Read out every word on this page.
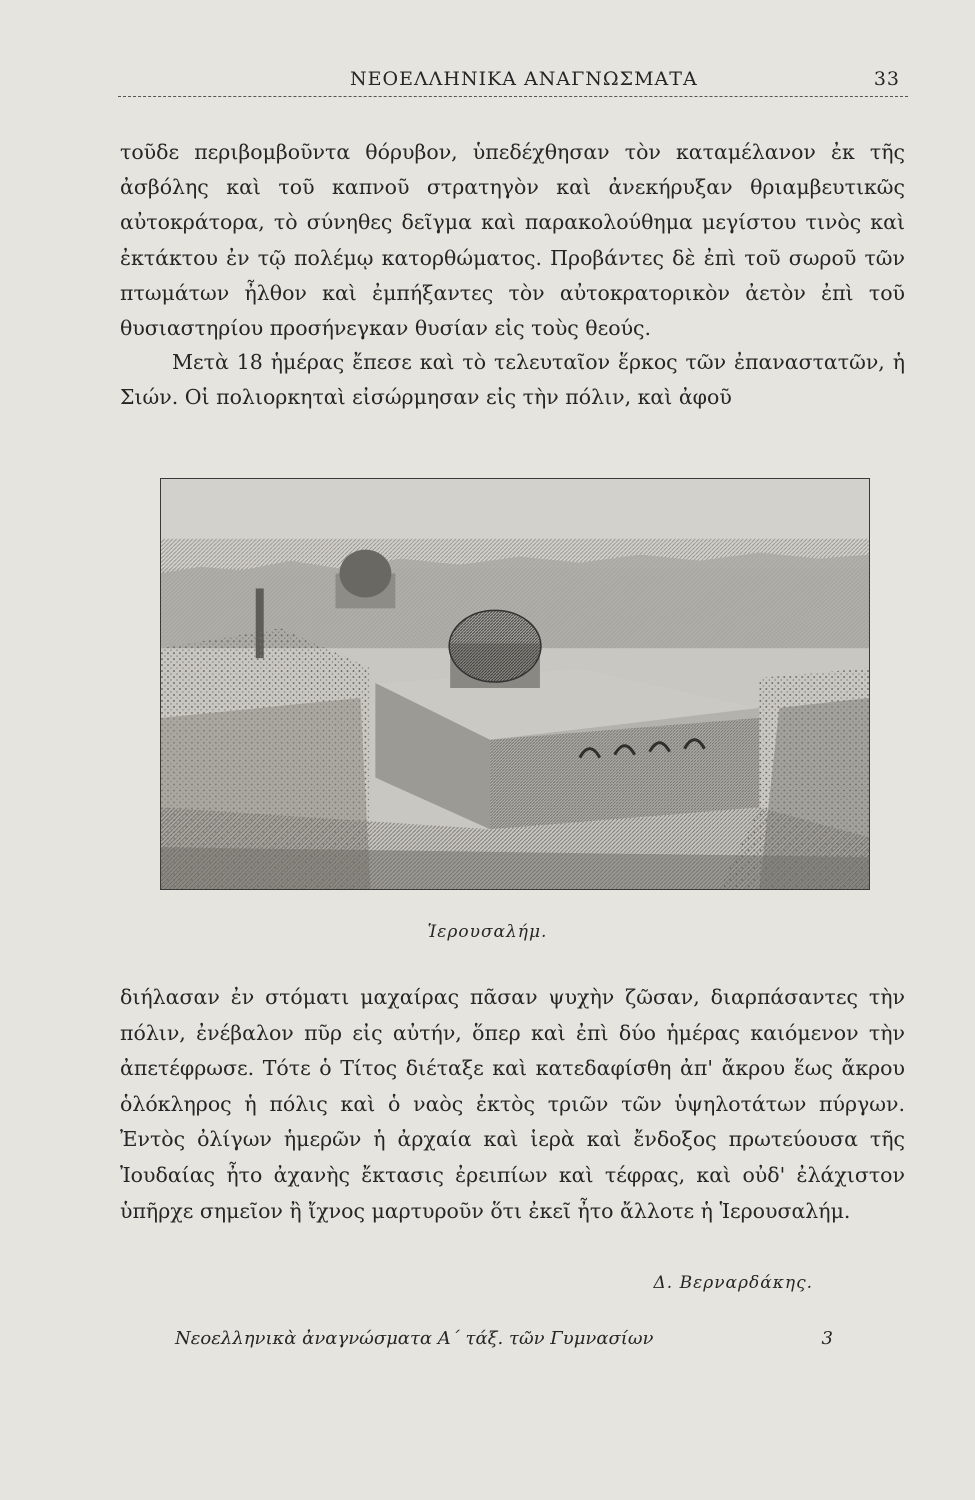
ΝΕΟΕΛΛΗΝΙΚΑ ΑΝΑΓΝΩΣΜΑΤΑ	33

τοῦδε περιβομβοῦντα θόρυβον, ὑπεδέχθησαν τὸν καταμέλανον ἐκ τῆς ἀσβόλης καὶ τοῦ καπνοῦ στρατηγὸν καὶ ἀνεκήρυξαν θριαμβευτικῶς αὐτοκράτορα, τὸ σύνηθες δεῖγμα καὶ παρακολούθημα μεγίστου τινὸς καὶ ἐκτάκτου ἐν τῷ πολέμῳ κατορθώματος. Προβάντες δὲ ἐπὶ τοῦ σωροῦ τῶν πτωμάτων ἦλθον καὶ ἐμπήξαντες τὸν αὐτοκρατορικὸν ἀετὸν ἐπὶ τοῦ θυσιαστηρίου προσήνεγκαν θυσίαν εἰς τοὺς θεούς.

Μετὰ 18 ἡμέρας ἔπεσε καὶ τὸ τελευταῖον ἕρκος τῶν ἐπαναστατῶν, ἡ Σιών. Οἱ πολιορκηταὶ εἰσώρμησαν εἰς τὴν πόλιν, καὶ ἀφοῦ

Ἱερουσαλήμ.

διήλασαν ἐν στόματι μαχαίρας πᾶσαν ψυχὴν ζῶσαν, διαρπάσαντες τὴν πόλιν, ἐνέβαλον πῦρ εἰς αὐτήν, ὅπερ καὶ ἐπὶ δύο ἡμέρας καιόμενον τὴν ἀπετέφρωσε. Τότε ὁ Τίτος διέταξε καὶ κατεδαφίσθη ἀπ' ἄκρου ἕως ἄκρου ὁλόκληρος ἡ πόλις καὶ ὁ ναὸς ἐκτὸς τριῶν τῶν ὑψηλοτάτων πύργων. Ἐντὸς ὀλίγων ἡμερῶν ἡ ἀρχαία καὶ ἱερὰ καὶ ἔνδοξος πρωτεύουσα τῆς Ἰουδαίας ἦτο ἀχανὴς ἔκτασις ἐρειπίων καὶ τέφρας, καὶ οὐδ' ἐλάχιστον ὑπῆρχε σημεῖον ἢ ἴχνος μαρτυροῦν ὅτι ἐκεῖ ἦτο ἄλλοτε ἡ Ἱερουσαλήμ.

Δ. Βερναρδάκης.
Νεοελληνικὰ ἀναγνώσματα Α΄ τάξ. τῶν Γυμνασίων	3
